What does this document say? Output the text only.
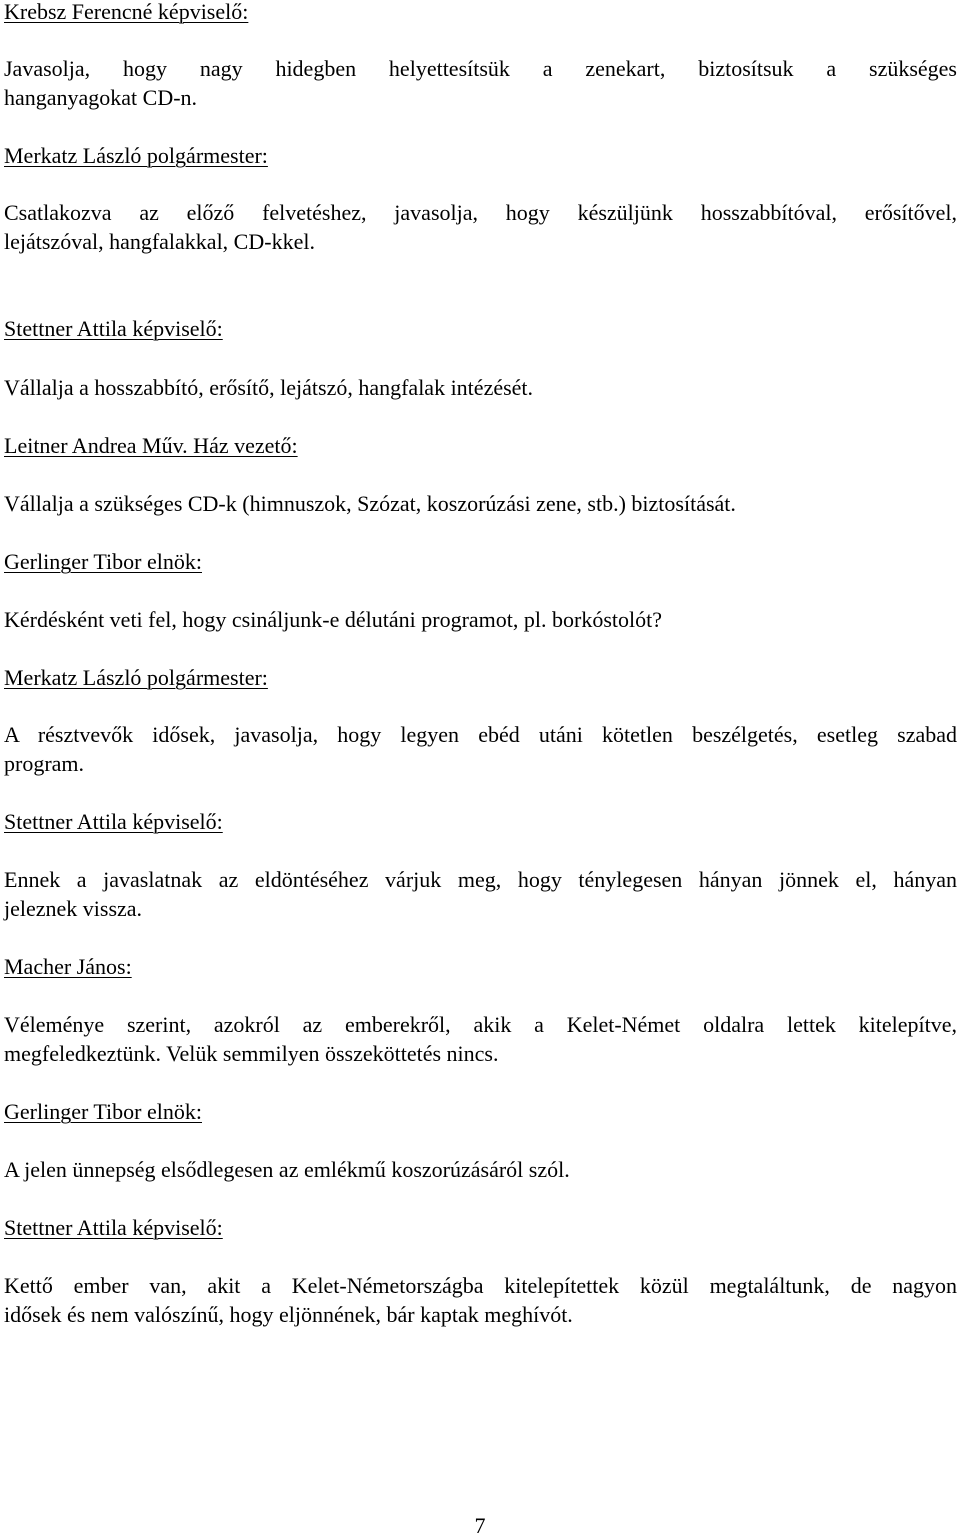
Krebsz Ferencné képviselő:
Javasolja, hogy nagy hidegben helyettesítsük a zenekart, biztosítsuk a szükséges
hanganyagokat CD-n.
Merkatz László polgármester:
Csatlakozva az előző felvetéshez, javasolja, hogy készüljünk hosszabbítóval, erősítővel,
lejátszóval, hangfalakkal, CD-kkel.
Stettner Attila képviselő:
Vállalja a hosszabbító, erősítő, lejátszó, hangfalak intézését.
Leitner Andrea Műv. Ház vezető:
Vállalja a szükséges CD-k (himnuszok, Szózat, koszorúzási zene, stb.) biztosítását.
Gerlinger Tibor elnök:
Kérdésként veti fel, hogy csináljunk-e délutáni programot, pl. borkóstolót?
Merkatz László polgármester:
A résztvevők idősek, javasolja, hogy legyen ebéd utáni kötetlen beszélgetés, esetleg szabad
program.
Stettner Attila képviselő:
Ennek a javaslatnak az eldöntéséhez várjuk meg, hogy ténylegesen hányan jönnek el, hányan
jeleznek vissza.
Macher János:
Véleménye szerint, azokról az emberekről, akik a Kelet-Német oldalra lettek kitelepítve,
megfeledkeztünk. Velük semmilyen összeköttetés nincs.
Gerlinger Tibor elnök:
A jelen ünnepség elsődlegesen az emlékmű koszorúzásáról szól.
Stettner Attila képviselő:
Kettő ember van, akit a Kelet-Németországba kitelepítettek közül megtaláltunk, de nagyon
idősek és nem valószínű, hogy eljönnének, bár kaptak meghívót.
7
